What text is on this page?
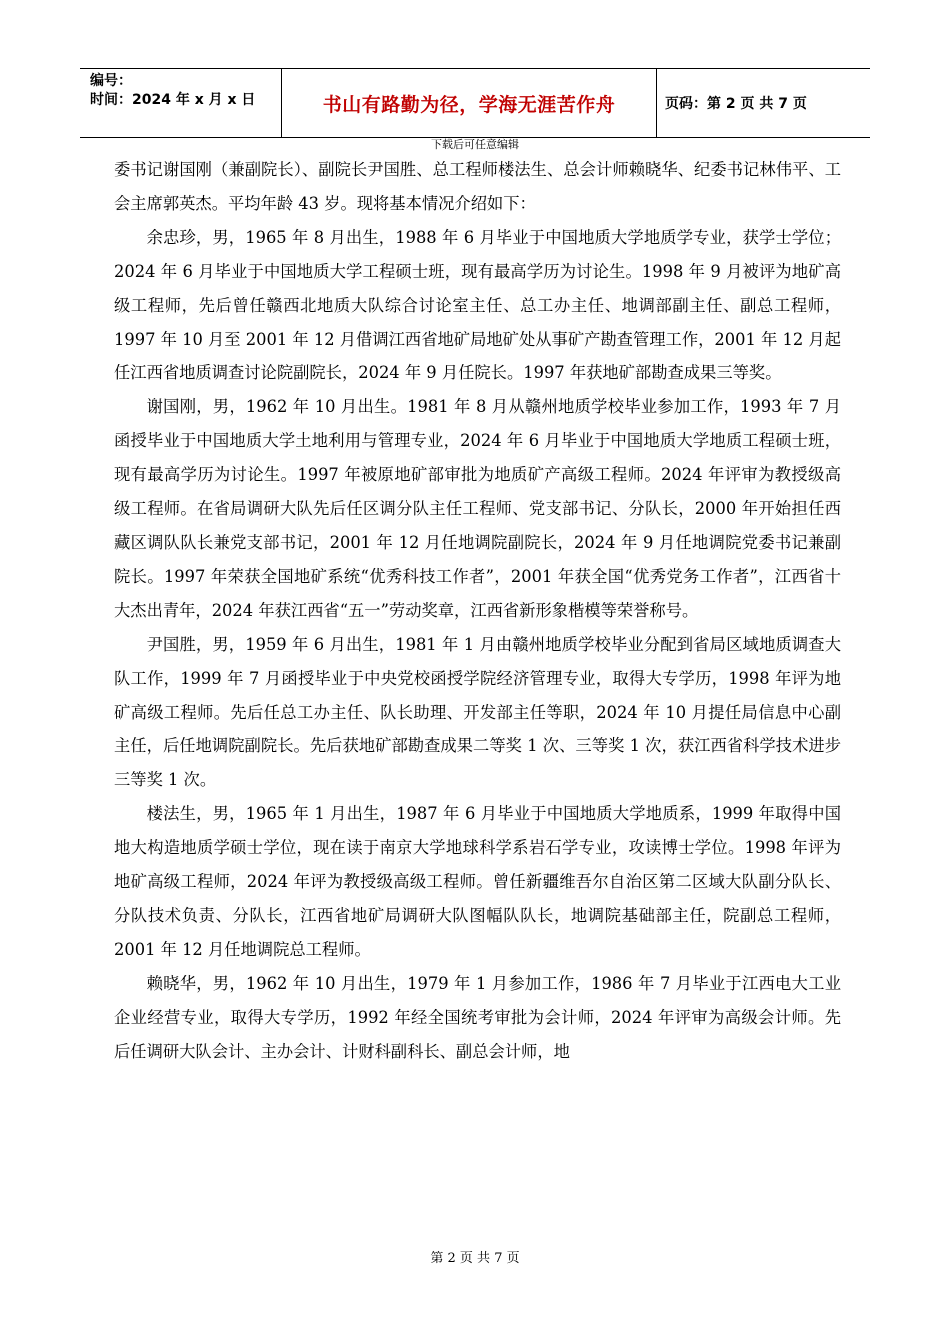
编号：
时间：2024 年 x 月 x 日	书山有路勤为径，学海无涯苦作舟	页码：第 2 页 共 7 页
下载后可任意编辑

委书记谢国刚（兼副院长）、副院长尹国胜、总工程师楼法生、总会计师赖晓华、纪委书记林伟平、工会主席郭英杰。平均年龄 43 岁。现将基本情况介绍如下：

余忠珍，男，1965 年 8 月出生，1988 年 6 月毕业于中国地质大学地质学专业，获学士学位；2024 年 6 月毕业于中国地质大学工程硕士班，现有最高学历为讨论生。1998 年 9 月被评为地矿高级工程师，先后曾任赣西北地质大队综合讨论室主任、总工办主任、地调部副主任、副总工程师，1997 年 10 月至 2001 年 12 月借调江西省地矿局地矿处从事矿产勘查管理工作，2001 年 12 月起任江西省地质调查讨论院副院长，2024 年 9 月任院长。1997 年获地矿部勘查成果三等奖。

谢国刚，男，1962 年 10 月出生。1981 年 8 月从赣州地质学校毕业参加工作，1993 年 7 月函授毕业于中国地质大学土地利用与管理专业，2024 年 6 月毕业于中国地质大学地质工程硕士班，现有最高学历为讨论生。1997 年被原地矿部审批为地质矿产高级工程师。2024 年评审为教授级高级工程师。在省局调研大队先后任区调分队主任工程师、党支部书记、分队长，2000 年开始担任西藏区调队队长兼党支部书记，2001 年 12 月任地调院副院长，2024 年 9 月任地调院党委书记兼副院长。1997 年荣获全国地矿系统“优秀科技工作者”，2001 年获全国“优秀党务工作者”，江西省十大杰出青年，2024 年获江西省“五一”劳动奖章，江西省新形象楷模等荣誉称号。

尹国胜，男，1959 年 6 月出生，1981 年 1 月由赣州地质学校毕业分配到省局区域地质调查大队工作，1999 年 7 月函授毕业于中央党校函授学院经济管理专业，取得大专学历，1998 年评为地矿高级工程师。先后任总工办主任、队长助理、开发部主任等职，2024 年 10 月提任局信息中心副主任，后任地调院副院长。先后获地矿部勘查成果二等奖 1 次、三等奖 1 次，获江西省科学技术进步三等奖 1 次。

楼法生，男，1965 年 1 月出生，1987 年 6 月毕业于中国地质大学地质系，1999 年取得中国地大构造地质学硕士学位，现在读于南京大学地球科学系岩石学专业，攻读博士学位。1998 年评为地矿高级工程师，2024 年评为教授级高级工程师。曾任新疆维吾尔自治区第二区域大队副分队长、分队技术负责、分队长，江西省地矿局调研大队图幅队队长，地调院基础部主任，院副总工程师，2001 年 12 月任地调院总工程师。

赖晓华，男，1962 年 10 月出生，1979 年 1 月参加工作，1986 年 7 月毕业于江西电大工业企业经营专业，取得大专学历，1992 年经全国统考审批为会计师，2024 年评审为高级会计师。先后任调研大队会计、主办会计、计财科副科长、副总会计师，地

第 2 页 共 7 页
